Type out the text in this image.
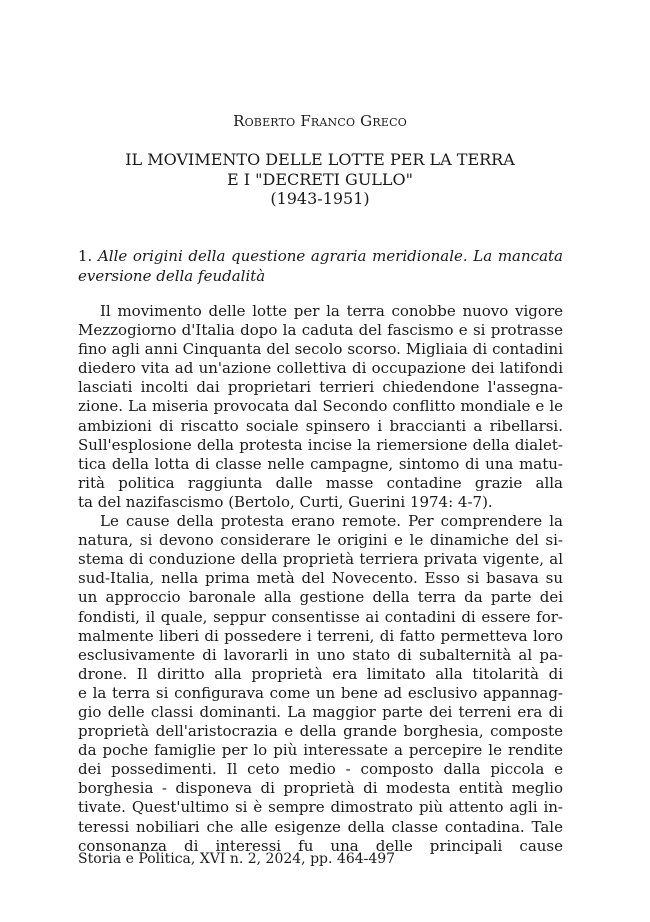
Roberto Franco Greco
IL MOVIMENTO DELLE LOTTE PER LA TERRA
E I "DECRETI GULLO"
(1943-1951)
1. Alle origini della questione agraria meridionale. La mancata
eversione della feudalità
Il movimento delle lotte per la terra conobbe nuovo vigore
Mezzogiorno d'Italia dopo la caduta del fascismo e si protrasse
fino agli anni Cinquanta del secolo scorso. Migliaia di contadini
diedero vita ad un'azione collettiva di occupazione dei latifondi
lasciati incolti dai proprietari terrieri chiedendone l'assegna-
zione. La miseria provocata dal Secondo conflitto mondiale e le
ambizioni di riscatto sociale spinsero i braccianti a ribellarsi.
Sull'esplosione della protesta incise la riemersione della dialet-
tica della lotta di classe nelle campagne, sintomo di una matu-
rità politica raggiunta dalle masse contadine grazie alla
ta del nazifascismo (Bertolo, Curti, Guerini 1974: 4-7).
Le cause della protesta erano remote. Per comprendere la
natura, si devono considerare le origini e le dinamiche del si-
stema di conduzione della proprietà terriera privata vigente, al
sud-Italia, nella prima metà del Novecento. Esso si basava su
un approccio baronale alla gestione della terra da parte dei
fondisti, il quale, seppur consentisse ai contadini di essere for-
malmente liberi di possedere i terreni, di fatto permetteva loro
esclusivamente di lavorarli in uno stato di subalternità al pa-
drone. Il diritto alla proprietà era limitato alla titolarità di
e la terra si configurava come un bene ad esclusivo appannag-
gio delle classi dominanti. La maggior parte dei terreni era di
proprietà dell'aristocrazia e della grande borghesia, composte
da poche famiglie per lo più interessate a percepire le rendite
dei possedimenti. Il ceto medio - composto dalla piccola e
borghesia - disponeva di proprietà di modesta entità meglio
tivate. Quest'ultimo si è sempre dimostrato più attento agli in-
teressi nobiliari che alle esigenze della classe contadina. Tale
consonanza di interessi fu una delle principali cause
Storia e Politica, XVI n. 2, 2024, pp. 464-497
